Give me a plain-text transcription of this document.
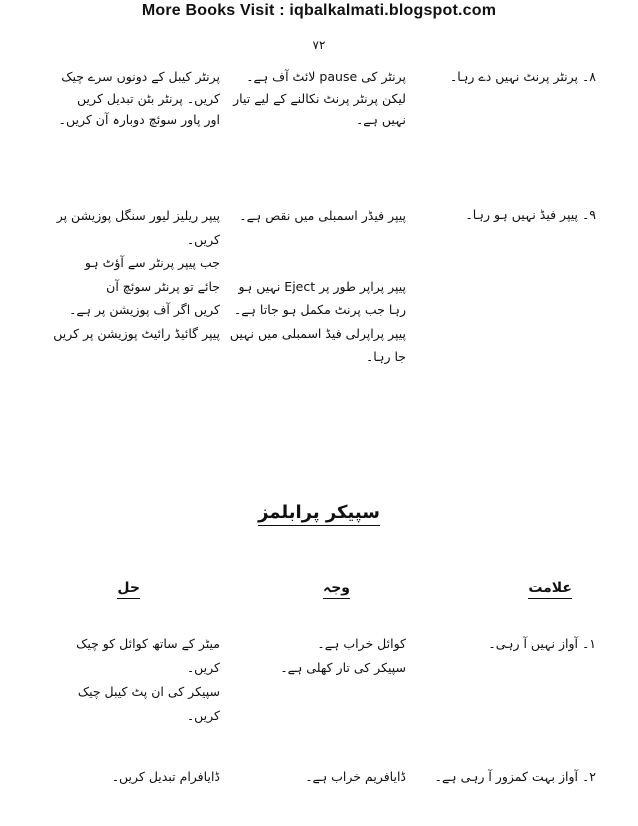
More Books Visit : iqbalkalmati.blogspot.com
۷۲
۸۔ پرنٹر پرنٹ نہیں دے رہا۔
پرنٹر کی pause لائٹ آف ہے۔
لیکن پرنٹر پرنٹ نکالنے کے لیے تیار
نہیں ہے۔
پرنٹر کیبل کے دونوں سرے چیک
کریں۔ پرنٹر بٹن تبدیل کریں
اور پاور سوئچ دوبارہ آن کریں۔
۹۔ پیپر فیڈ نہیں ہو رہا۔
پیپر فیڈر اسمبلی میں نقص ہے۔

پیپر پراپر طور پر Eject نہیں ہو
رہا جب پرنٹ مکمل ہو جاتا ہے۔
پیپر پراپرلی فیڈ اسمبلی میں نہیں
جا رہا۔
پیپر ریلیز لیور سنگل پوزیشن پر
کریں۔
جب پیپر پرنٹر سے آؤٹ ہو
جائے تو پرنٹر سوئچ آن
کریں اگر آف پوزیشن پر ہے۔
پیپر گائیڈ رائیٹ پوزیشن پر کریں
سپیکر پرابلمز
علامت
وجہ
حل
۱۔ آواز نہیں آ رہی۔
کوائل خراب ہے۔
سپیکر کی تار کھلی ہے۔
میٹر کے ساتھ کوائل کو چیک
کریں۔
سپیکر کی ان پٹ کیبل چیک
کریں۔
۲۔ آواز بہت کمزور آ رہی ہے۔
ڈایافریم خراب ہے۔
ڈایافرام تبدیل کریں۔
